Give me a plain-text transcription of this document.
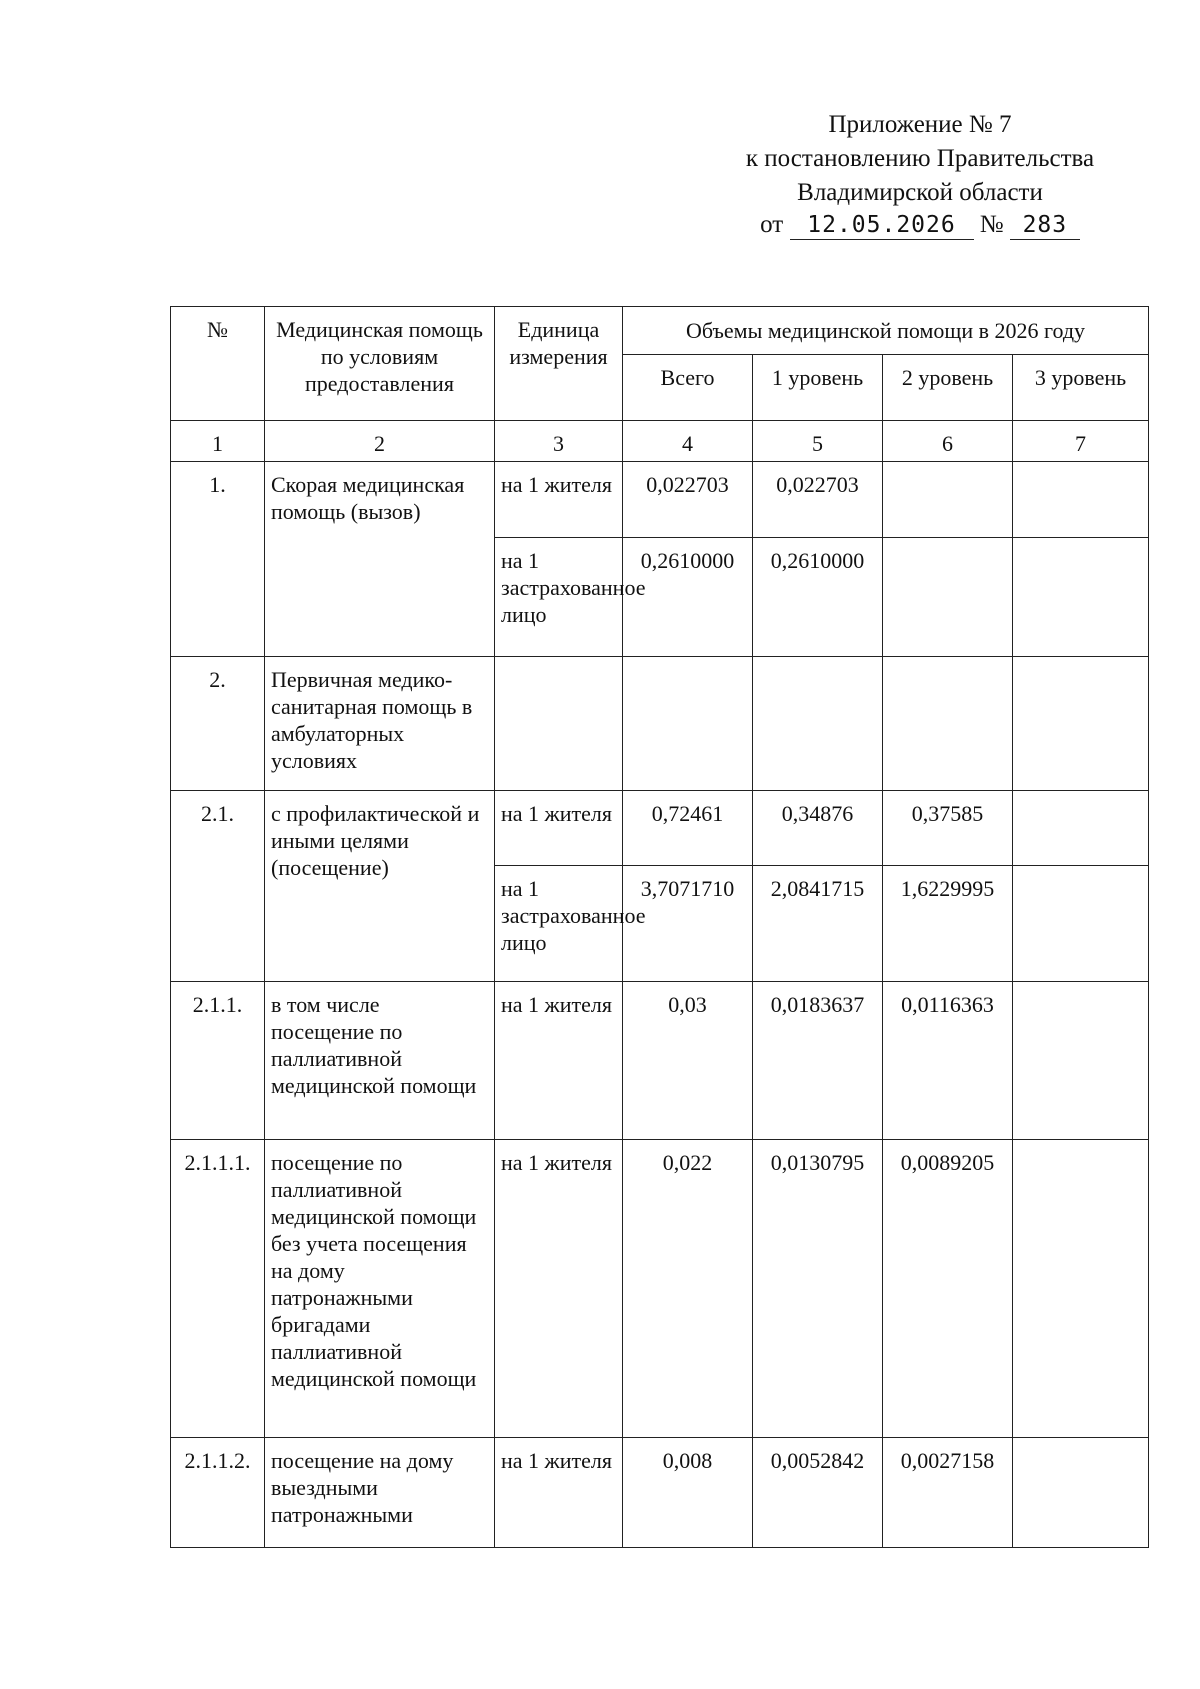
Приложение № 7
к постановлению Правительства
Владимирской области
от 12.05.2026 № 283
№	Медицинская помощь по условиям предоставления	Единица измерения	Объемы медицинской помощи в 2026 году			
			Всего	1 уровень	2 уровень	3 уровень
1	2	3	4	5	6	7
1.	Скорая медицинская помощь (вызов)	на 1 жителя	0,022703	0,022703		
		на 1 застрахованное лицо	0,2610000	0,2610000		
2.	Первичная медико-санитарная помощь в амбулаторных условиях					
2.1.	с профилактической и иными целями (посещение)	на 1 жителя	0,72461	0,34876	0,37585	
		на 1 застрахованное лицо	3,7071710	2,0841715	1,6229995	
2.1.1.	в том числе посещение по паллиативной медицинской помощи	на 1 жителя	0,03	0,0183637	0,0116363	
2.1.1.1.	посещение по паллиативной медицинской помощи без учета посещения на дому патронажными бригадами паллиативной медицинской помощи	на 1 жителя	0,022	0,0130795	0,0089205	
2.1.1.2.	посещение на дому выездными патронажными	на 1 жителя	0,008	0,0052842	0,0027158	
